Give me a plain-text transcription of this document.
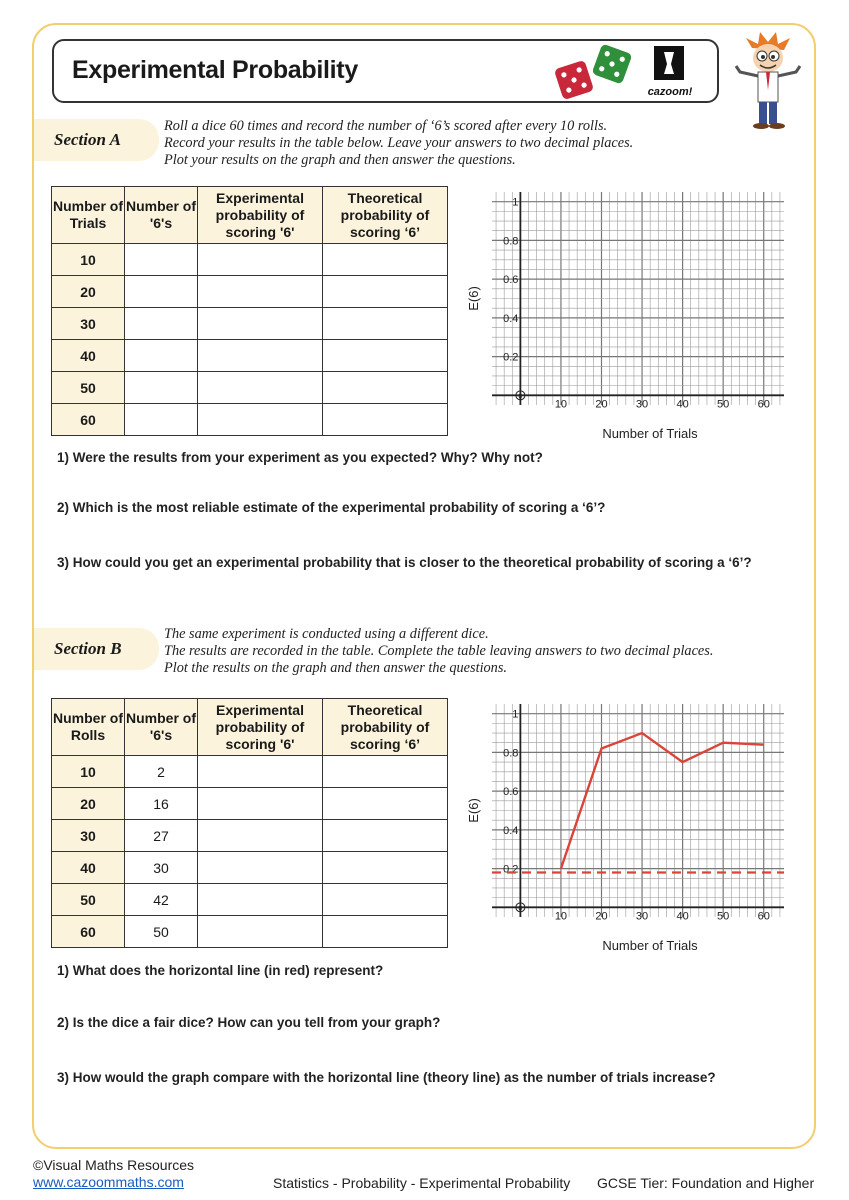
Experimental Probability
cazoom!
Section A
Roll a dice 60 times and record the number of ‘6’s scored after every 10 rolls.
Record your results in the table below. Leave your answers to two decimal places.
Plot your results on the graph and then answer the questions.
Number of Trials	Number of '6's	Experimental probability of scoring '6'	Theoretical probability of scoring ‘6’
10			
20			
30			
40			
50			
60			
10	20	30	40	50	60
0.2
0.4
0.6
0.8
1
0
Number of Trials
E(6)
1) Were the results from your experiment as you expected? Why? Why not?
2) Which is the most reliable estimate of the experimental probability of scoring a ‘6’?
3) How could you get an experimental probability that is closer to the theoretical probability of scoring a ‘6’?
Section B
The same experiment is conducted using a different dice.
The results are recorded in the table. Complete the table leaving answers to two decimal places.
Plot the results on the graph and then answer the questions.
Number of Rolls	Number of '6's	Experimental probability of scoring '6'	Theoretical probability of scoring ‘6’
10	2		
20	16		
30	27		
40	30		
50	42		
60	50		
10	20	30	40	50	60
0.2
0.4
0.6
0.8
1
0
Number of Trials
E(6)
1) What does the horizontal line (in red) represent?
2) Is the dice a fair dice? How can you tell from your graph?
3) How would the graph compare with the horizontal line (theory line) as the number of trials increase?
©Visual Maths Resources
www.cazoommaths.com	Statistics - Probability - Experimental Probability GCSE Tier: Foundation and Higher
